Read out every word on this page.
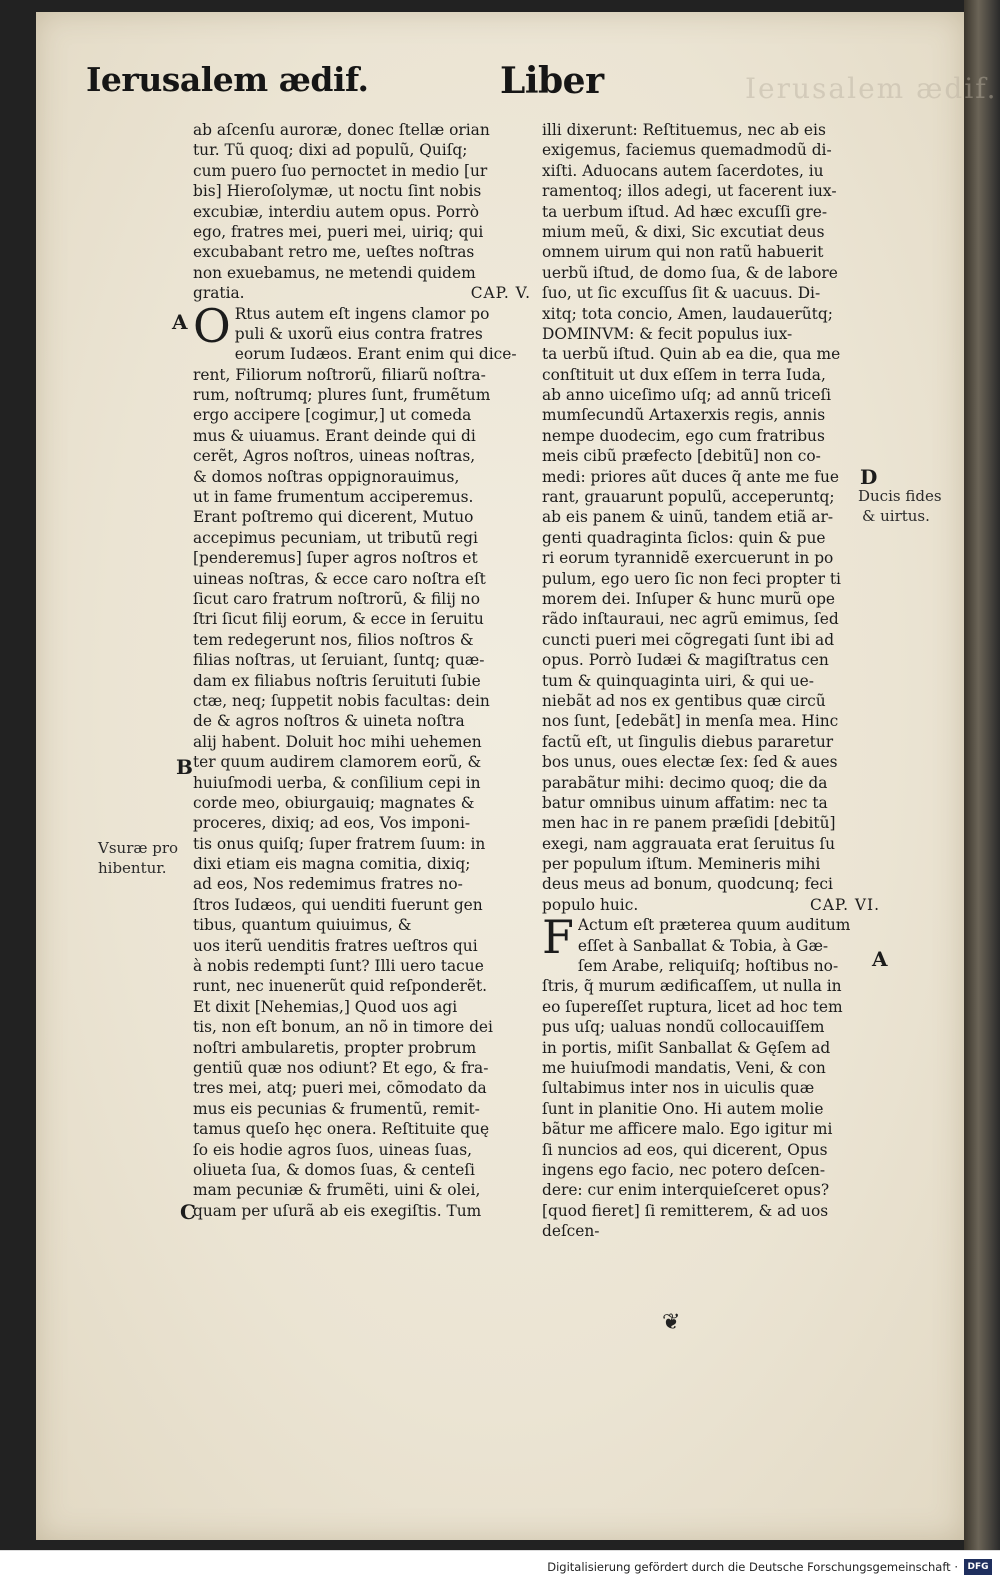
Ierusalem ædif.	Liber	Ierusalem ædif.
A
B
C
D
A
Vsuræ pro
hibentur.
Ducis fides
& uirtus.
ab aſcenſu auroræ, donec ſtellæ orian
tur. Tũ quoq; dixi ad populũ, Quiſq;
cum puero ſuo pernoctet in medio [ur
bis] Hieroſolymæ, ut noctu ſint nobis
excubiæ, interdiu autem opus. Porrò
ego, fratres mei, pueri mei, uiriq; qui
excubabant retro me, ueſtes noſtras
non exuebamus, ne metendi quidem
gratia.	CAP. V.
O Rtus autem eſt ingens clamor po
puli & uxorũ eius contra fratres
eorum Iudæos. Erant enim qui dice-
rent, Filiorum noſtrorũ, filiarũ noſtra-
rum, noſtrumq; plures ſunt, frumẽtum
ergo accipere [cogimur,] ut comeda
mus & uiuamus. Erant deinde qui di
cerẽt, Agros noſtros, uineas noſtras,
& domos noſtras oppignorauimus,
ut in fame frumentum acciperemus.
Erant poſtremo qui dicerent, Mutuo
accepimus pecuniam, ut tributũ regi
[penderemus] ſuper agros noſtros et
uineas noſtras, & ecce caro noſtra eſt
ſicut caro fratrum noſtrorũ, & filij no
ſtri ſicut filij eorum, & ecce in ſeruitu
tem redegerunt nos, filios noſtros &
filias noſtras, ut ſeruiant, ſuntq; quæ-
dam ex filiabus noſtris ſeruituti ſubie
ctæ, neq; ſuppetit nobis facultas: dein
de & agros noſtros & uineta noſtra
alij habent. Doluit hoc mihi uehemen
ter quum audirem clamorem eorũ, &
huiuſmodi uerba, & conſilium cepi in
corde meo, obiurgauiq; magnates &
proceres, dixiq; ad eos, Vos imponi-
tis onus quiſq; ſuper fratrem ſuum: in
dixi etiam eis magna comitia, dixiq;
ad eos, Nos redemimus fratres no-
ſtros Iudæos, qui uenditi fuerunt gen
tibus, quantum quiuimus, &
uos iterũ uenditis fratres ueſtros qui
à nobis redempti ſunt? Illi uero tacue
runt, nec inuenerũt quid reſponderẽt.
Et dixit [Nehemias,] Quod uos agi
tis, non eſt bonum, an nõ in timore dei
noſtri ambularetis, propter probrum
gentiũ quæ nos odiunt? Et ego, & fra-
tres mei, atq; pueri mei, cõmodato da
mus eis pecunias & frumentũ, remit-
tamus queſo hęc onera. Reſtituite quę
ſo eis hodie agros ſuos, uineas ſuas,
oliueta ſua, & domos ſuas, & centeſi
mam pecuniæ & frumẽti, uini & olei,
quam per uſurã ab eis exegiſtis. Tum
illi dixerunt: Reſtituemus, nec ab eis
exigemus, faciemus quemadmodũ di-
xiſti. Aduocans autem ſacerdotes, iu
ramentoq; illos adegi, ut facerent iux-
ta uerbum iſtud. Ad hæc excuſſi gre-
mium meũ, & dixi, Sic excutiat deus
omnem uirum qui non ratũ habuerit
uerbũ iſtud, de domo ſua, & de labore
ſuo, ut ſic excuſſus ſit & uacuus. Di-
xitq; tota concio, Amen, laudauerũtq;
DOMINVM: & fecit populus iux-
ta uerbũ iſtud. Quin ab ea die, qua me
conſtituit ut dux eſſem in terra Iuda,
ab anno uiceſimo uſq; ad annũ triceſi
mumſecundũ Artaxerxis regis, annis
nempe duodecim, ego cum fratribus
meis cibũ præfecto [debitũ] non co-
medi: priores aũt duces q̃ ante me fue
rant, grauarunt populũ, acceperuntq;
ab eis panem & uinũ, tandem etiã ar-
genti quadraginta ſiclos: quin & pue
ri eorum tyrannidẽ exercuerunt in po
pulum, ego uero ſic non feci propter ti
morem dei. Inſuper & hunc murũ ope
rãdo inſtauraui, nec agrũ emimus, ſed
cuncti pueri mei cõgregati ſunt ibi ad
opus. Porrò Iudæi & magiſtratus cen
tum & quinquaginta uiri, & qui ue-
niebãt ad nos ex gentibus quæ circũ
nos ſunt, [edebãt] in menſa mea. Hinc
factũ eſt, ut ſingulis diebus pararetur
bos unus, oues electæ ſex: ſed & aues
parabãtur mihi: decimo quoq; die da
batur omnibus uinum affatim: nec ta
men hac in re panem præſidi [debitũ]
exegi, nam aggrauata erat ſeruitus ſu
per populum iſtum. Memineris mihi
deus meus ad bonum, quodcunq; feci
populo huic.	CAP. VI.
F Actum eſt præterea quum auditum
eſſet à Sanballat & Tobia, à Gæ-
ſem Arabe, reliquiſq; hoſtibus no-
ſtris, q̃ murum ædificaſſem, ut nulla in
eo ſupereſſet ruptura, licet ad hoc tem
pus uſq; ualuas nondũ collocauiſſem
in portis, miſit Sanballat & Gęſem ad
me huiuſmodi mandatis, Veni, & con
ſultabimus inter nos in uiculis quæ
ſunt in planitie Ono. Hi autem molie
bãtur me afficere malo. Ego igitur mi
ſi nuncios ad eos, qui dicerent, Opus
ingens ego facio, nec potero deſcen-
dere: cur enim interquieſceret opus?
[quod fieret] ſi remitterem, & ad uos
deſcen-
❦
Digitalisierung gefördert durch die Deutsche Forschungsgemeinschaft ·	DFG
